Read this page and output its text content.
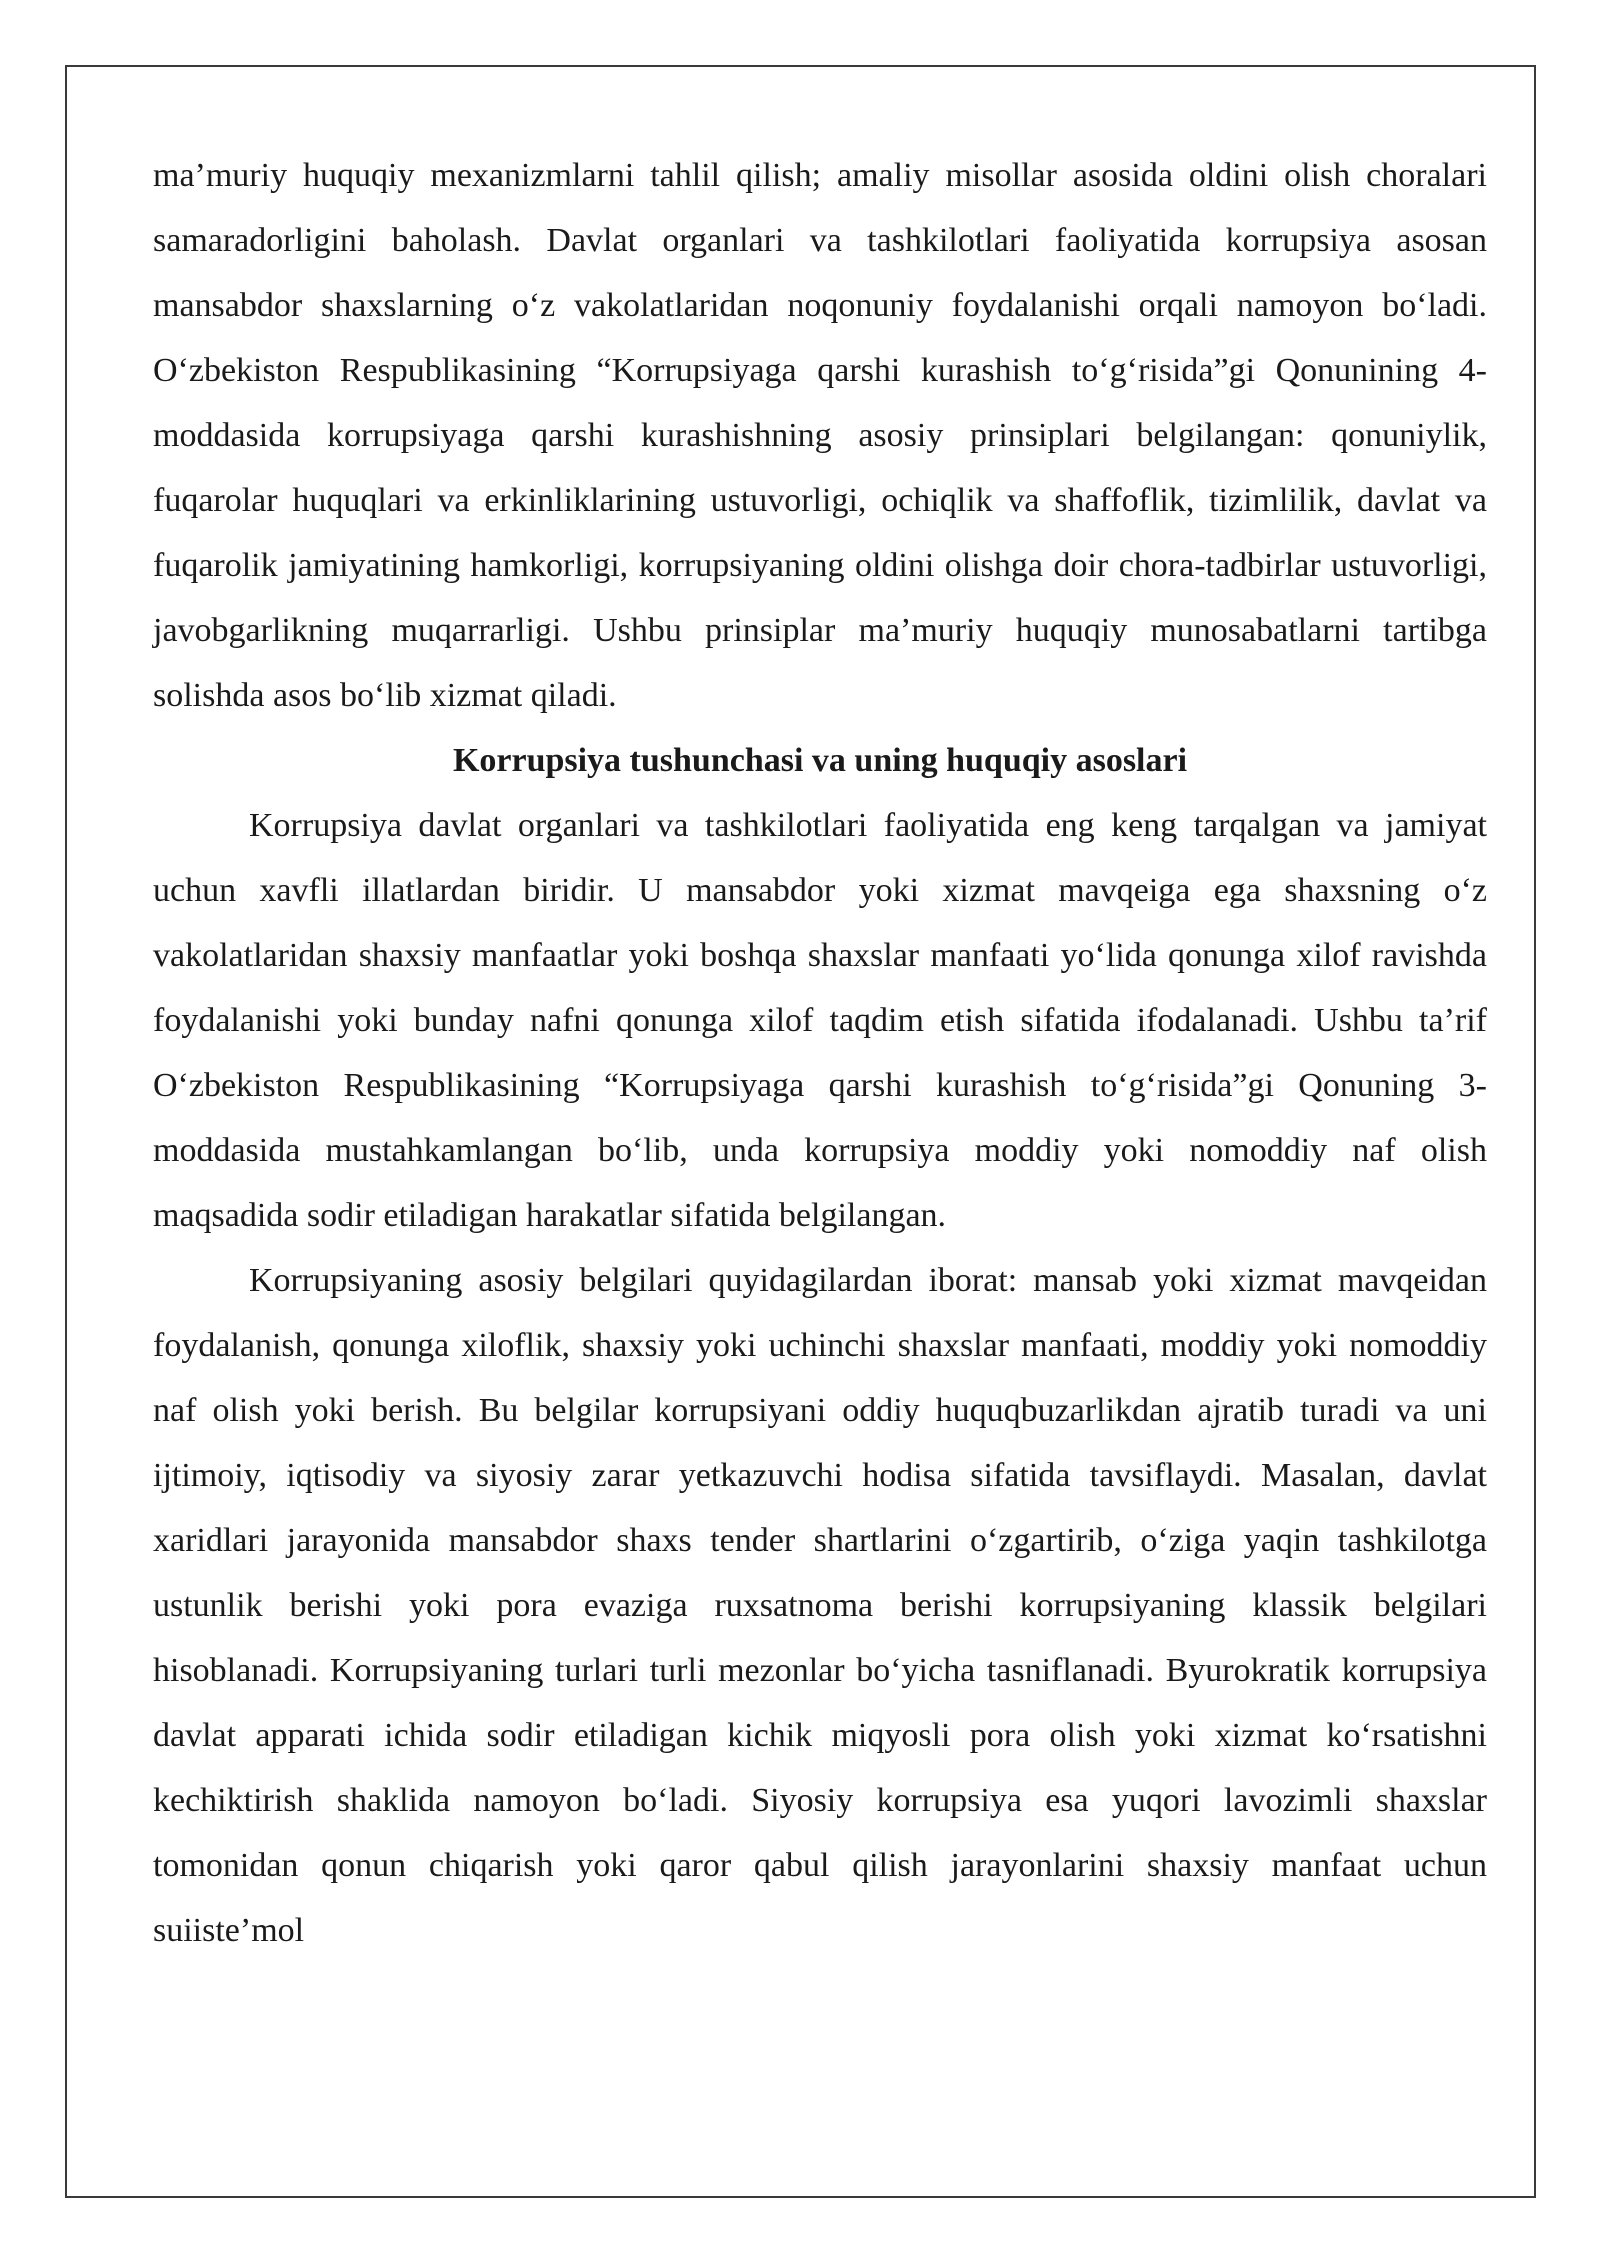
ma’muriy huquqiy mexanizmlarni tahlil qilish; amaliy misollar asosida oldini olish choralari samaradorligini baholash. Davlat organlari va tashkilotlari faoliyatida korrupsiya asosan mansabdor shaxslarning o‘z vakolatlaridan noqonuniy foydalanishi orqali namoyon bo‘ladi. O‘zbekiston Respublikasining “Korrupsiyaga qarshi kurashish to‘g‘risida”gi Qonunining 4-moddasida korrupsiyaga qarshi kurashishning asosiy prinsiplari belgilangan: qonuniylik, fuqarolar huquqlari va erkinliklarining ustuvorligi, ochiqlik va shaffoflik, tizimlilik, davlat va fuqarolik jamiyatining hamkorligi, korrupsiyaning oldini olishga doir chora-tadbirlar ustuvorligi, javobgarlikning muqarrarligi. Ushbu prinsiplar ma’muriy huquqiy munosabatlarni tartibga solishda asos bo‘lib xizmat qiladi.

Korrupsiya tushunchasi va uning huquqiy asoslari

Korrupsiya davlat organlari va tashkilotlari faoliyatida eng keng tarqalgan va jamiyat uchun xavfli illatlardan biridir. U mansabdor yoki xizmat mavqeiga ega shaxsning o‘z vakolatlaridan shaxsiy manfaatlar yoki boshqa shaxslar manfaati yo‘lida qonunga xilof ravishda foydalanishi yoki bunday nafni qonunga xilof taqdim etish sifatida ifodalanadi. Ushbu ta’rif O‘zbekiston Respublikasining “Korrupsiyaga qarshi kurashish to‘g‘risida”gi Qonuning 3-moddasida mustahkamlangan bo‘lib, unda korrupsiya moddiy yoki nomoddiy naf olish maqsadida sodir etiladigan harakatlar sifatida belgilangan.

Korrupsiyaning asosiy belgilari quyidagilardan iborat: mansab yoki xizmat mavqeidan foydalanish, qonunga xiloflik, shaxsiy yoki uchinchi shaxslar manfaati, moddiy yoki nomoddiy naf olish yoki berish. Bu belgilar korrupsiyani oddiy huquqbuzarlikdan ajratib turadi va uni ijtimoiy, iqtisodiy va siyosiy zarar yetkazuvchi hodisa sifatida tavsiflaydi. Masalan, davlat xaridlari jarayonida mansabdor shaxs tender shartlarini o‘zgartirib, o‘ziga yaqin tashkilotga ustunlik berishi yoki pora evaziga ruxsatnoma berishi korrupsiyaning klassik belgilari hisoblanadi. Korrupsiyaning turlari turli mezonlar bo‘yicha tasniflanadi. Byurokratik korrupsiya davlat apparati ichida sodir etiladigan kichik miqyosli pora olish yoki xizmat ko‘rsatishni kechiktirish shaklida namoyon bo‘ladi. Siyosiy korrupsiya esa yuqori lavozimli shaxslar tomonidan qonun chiqarish yoki qaror qabul qilish jarayonlarini shaxsiy manfaat uchun suiiste’mol
